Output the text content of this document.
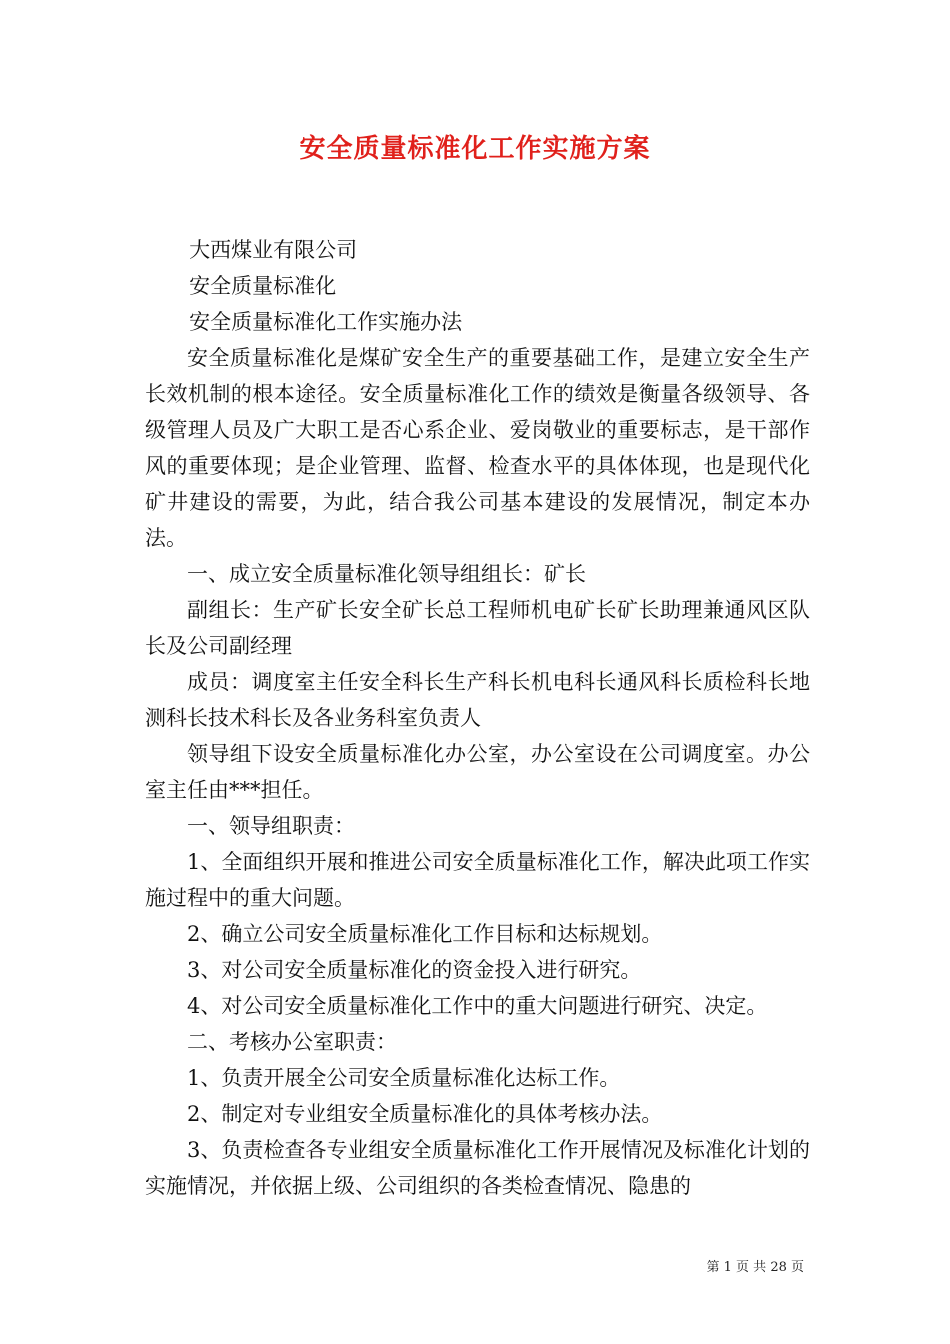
安全质量标准化工作实施方案

大西煤业有限公司

安全质量标准化

安全质量标准化工作实施办法

安全质量标准化是煤矿安全生产的重要基础工作，是建立安全生产长效机制的根本途径。安全质量标准化工作的绩效是衡量各级领导、各级管理人员及广大职工是否心系企业、爱岗敬业的重要标志，是干部作风的重要体现；是企业管理、监督、检查水平的具体体现，也是现代化矿井建设的需要，为此，结合我公司基本建设的发展情况，制定本办法。

一、成立安全质量标准化领导组组长：矿长

副组长：生产矿长安全矿长总工程师机电矿长矿长助理兼通风区队长及公司副经理

成员：调度室主任安全科长生产科长机电科长通风科长质检科长地测科长技术科长及各业务科室负责人

领导组下设安全质量标准化办公室，办公室设在公司调度室。办公室主任由***担任。

一、领导组职责：

1、全面组织开展和推进公司安全质量标准化工作，解决此项工作实施过程中的重大问题。

2、确立公司安全质量标准化工作目标和达标规划。

3、对公司安全质量标准化的资金投入进行研究。

4、对公司安全质量标准化工作中的重大问题进行研究、决定。

二、考核办公室职责：

1、负责开展全公司安全质量标准化达标工作。

2、制定对专业组安全质量标准化的具体考核办法。

3、负责检查各专业组安全质量标准化工作开展情况及标准化计划的实施情况，并依据上级、公司组织的各类检查情况、隐患的

第 1 页 共 28 页
